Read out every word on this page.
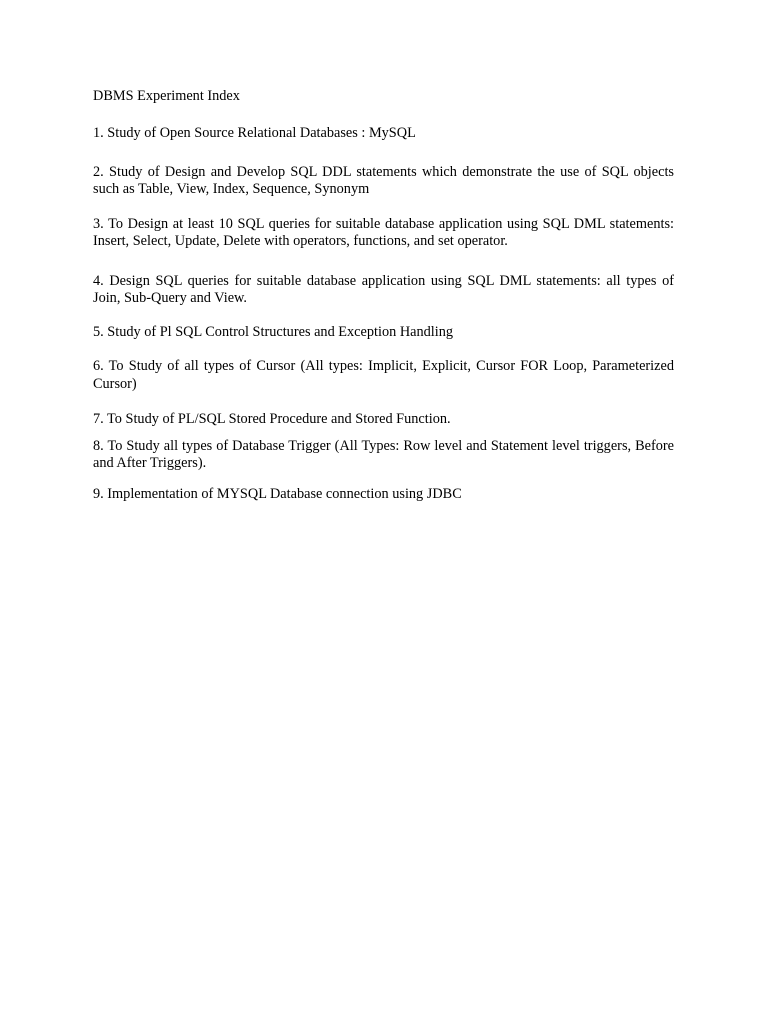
DBMS Experiment Index

1. Study of Open Source Relational Databases : MySQL

2. Study of Design and Develop SQL DDL statements which demonstrate the use of SQL objects such as Table, View, Index, Sequence, Synonym

3. To Design at least 10 SQL queries for suitable database application using SQL DML statements: Insert, Select, Update, Delete with operators, functions, and set operator.

4. Design SQL queries for suitable database application using SQL DML statements: all types of Join, Sub-Query and View.

5. Study of Pl SQL Control Structures and Exception Handling

6. To Study of all types of Cursor (All types: Implicit, Explicit, Cursor FOR Loop, Parameterized Cursor)

7. To Study of PL/SQL Stored Procedure and Stored Function.

8. To Study all types of Database Trigger (All Types: Row level and Statement level triggers, Before and After Triggers).

9. Implementation of MYSQL Database connection using JDBC
